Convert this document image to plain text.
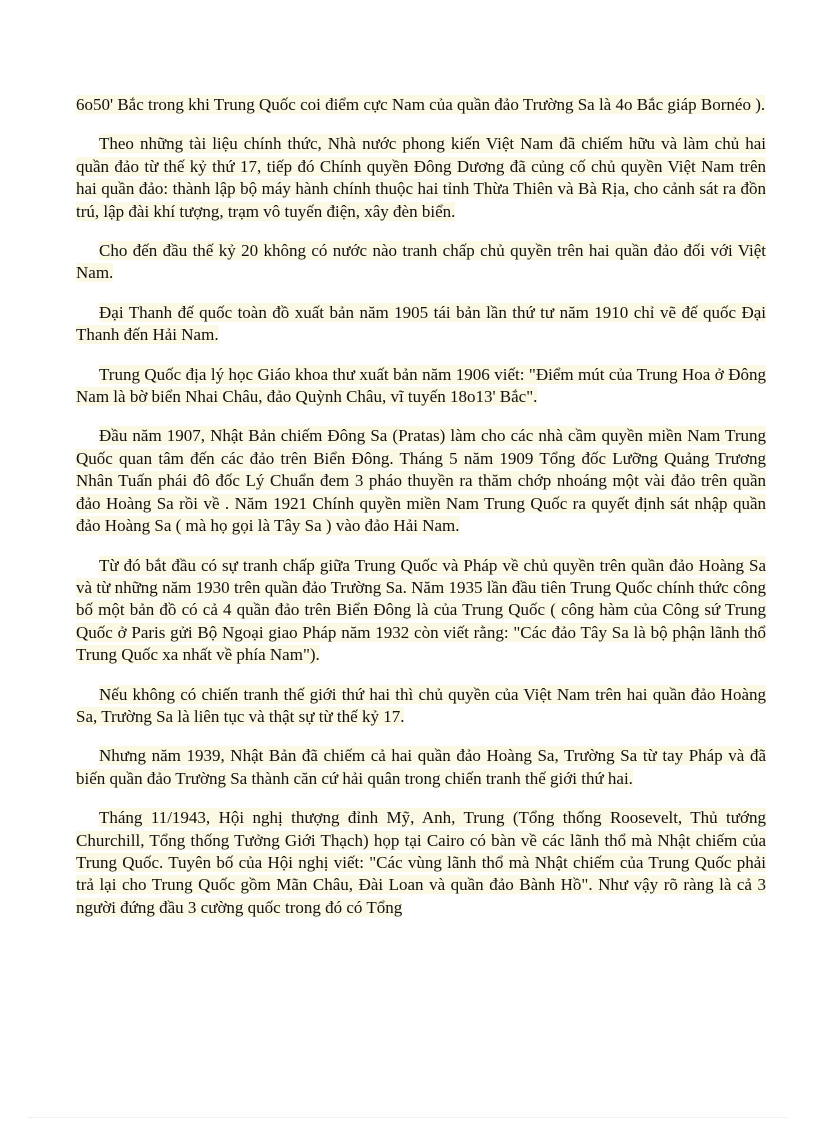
6o50' Bắc trong khi Trung Quốc coi điểm cực Nam của quần đảo Trường Sa là 4o Bắc giáp Bornéo ).

Theo những tài liệu chính thức, Nhà nước phong kiến Việt Nam đã chiếm hữu và làm chủ hai quần đảo từ thế kỷ thứ 17, tiếp đó Chính quyền Đông Dương đã củng cố chủ quyền Việt Nam trên hai quần đảo: thành lập bộ máy hành chính thuộc hai tỉnh Thừa Thiên và Bà Rịa, cho cảnh sát ra đồn trú, lập đài khí tượng, trạm vô tuyến điện, xây đèn biển.

Cho đến đầu thế kỷ 20 không có nước nào tranh chấp chủ quyền trên hai quần đảo đối với Việt Nam.

Đại Thanh đế quốc toàn đồ xuất bản năm 1905 tái bản lần thứ tư năm 1910 chỉ vẽ đế quốc Đại Thanh đến Hải Nam.

Trung Quốc địa lý học Giáo khoa thư xuất bản năm 1906 viết: "Điểm mút của Trung Hoa ở Đông Nam là bờ biển Nhai Châu, đảo Quỳnh Châu, vĩ tuyến 18o13' Bắc".

Đầu năm 1907, Nhật Bản chiếm Đông Sa (Pratas) làm cho các nhà cầm quyền miền Nam Trung Quốc quan tâm đến các đảo trên Biển Đông. Tháng 5 năm 1909 Tổng đốc Lưỡng Quảng Trương Nhân Tuấn phái đô đốc Lý Chuẩn đem 3 pháo thuyền ra thăm chớp nhoáng một vài đảo trên quần đảo Hoàng Sa rồi về . Năm 1921 Chính quyền miền Nam Trung Quốc ra quyết định sát nhập quần đảo Hoàng Sa ( mà họ gọi là Tây Sa ) vào đảo Hải Nam.

Từ đó bắt đầu có sự tranh chấp giữa Trung Quốc và Pháp về chủ quyền trên quần đảo Hoàng Sa và từ những năm 1930 trên quần đảo Trường Sa. Năm 1935 lần đầu tiên Trung Quốc chính thức công bố một bản đồ có cả 4 quần đảo trên Biển Đông là của Trung Quốc ( công hàm của Công sứ Trung Quốc ở Paris gửi Bộ Ngoại giao Pháp năm 1932 còn viết rằng: "Các đảo Tây Sa là bộ phận lãnh thổ Trung Quốc xa nhất về phía Nam").

Nếu không có chiến tranh thế giới thứ hai thì chủ quyền của Việt Nam trên hai quần đảo Hoàng Sa, Trường Sa là liên tục và thật sự từ thế kỷ 17.

Nhưng năm 1939, Nhật Bản đã chiếm cả hai quần đảo Hoàng Sa, Trường Sa từ tay Pháp và đã biến quần đảo Trường Sa thành căn cứ hải quân trong chiến tranh thế giới thứ hai.

Tháng 11/1943, Hội nghị thượng đỉnh Mỹ, Anh, Trung (Tổng thống Roosevelt, Thủ tướng Churchill, Tổng thống Tưởng Giới Thạch) họp tại Cairo có bàn về các lãnh thổ mà Nhật chiếm của Trung Quốc. Tuyên bố của Hội nghị viết: "Các vùng lãnh thổ mà Nhật chiếm của Trung Quốc phải trả lại cho Trung Quốc gồm Mãn Châu, Đài Loan và quần đảo Bành Hồ". Như vậy rõ ràng là cả 3 người đứng đầu 3 cường quốc trong đó có Tổng
